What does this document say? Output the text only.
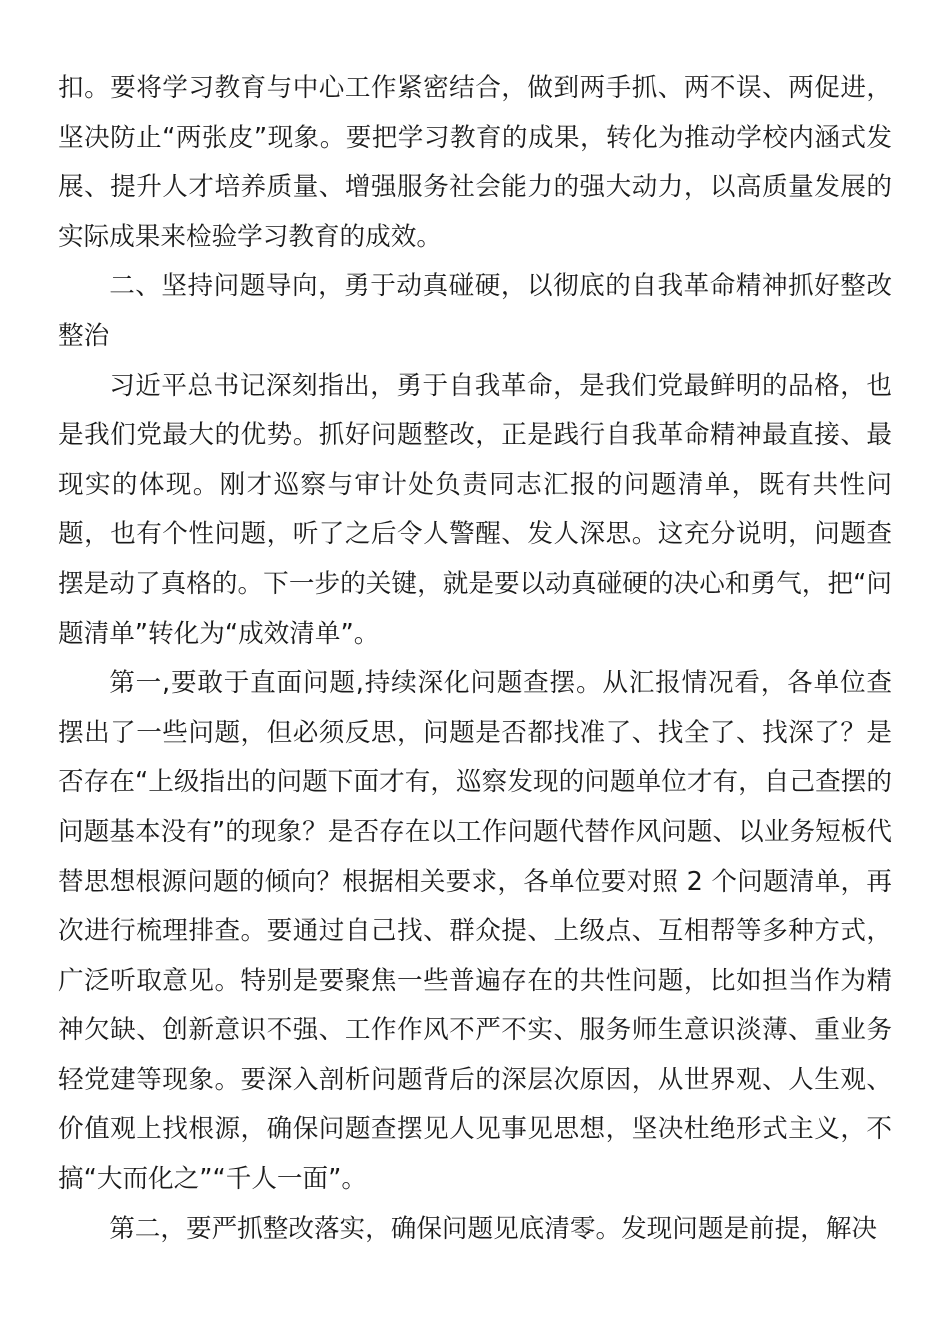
扣。要将学习教育与中心工作紧密结合，做到两手抓、两不误、两促进，坚决防止“两张皮”现象。要把学习教育的成果，转化为推动学校内涵式发展、提升人才培养质量、增强服务社会能力的强大动力，以高质量发展的实际成果来检验学习教育的成效。

二、坚持问题导向，勇于动真碰硬，以彻底的自我革命精神抓好整改整治

习近平总书记深刻指出，勇于自我革命，是我们党最鲜明的品格，也是我们党最大的优势。抓好问题整改，正是践行自我革命精神最直接、最现实的体现。刚才巡察与审计处负责同志汇报的问题清单，既有共性问题，也有个性问题，听了之后令人警醒、发人深思。这充分说明，问题查摆是动了真格的。下一步的关键，就是要以动真碰硬的决心和勇气，把“问题清单”转化为“成效清单”。

第一,要敢于直面问题,持续深化问题查摆。从汇报情况看，各单位查摆出了一些问题，但必须反思，问题是否都找准了、找全了、找深了？是否存在“上级指出的问题下面才有，巡察发现的问题单位才有，自己查摆的问题基本没有”的现象？是否存在以工作问题代替作风问题、以业务短板代替思想根源问题的倾向？根据相关要求，各单位要对照 2 个问题清单，再次进行梳理排查。要通过自己找、群众提、上级点、互相帮等多种方式，广泛听取意见。特别是要聚焦一些普遍存在的共性问题，比如担当作为精神欠缺、创新意识不强、工作作风不严不实、服务师生意识淡薄、重业务轻党建等现象。要深入剖析问题背后的深层次原因，从世界观、人生观、价值观上找根源，确保问题查摆见人见事见思想，坚决杜绝形式主义，不搞“大而化之”“千人一面”。

第二，要严抓整改落实，确保问题见底清零。发现问题是前提，解决
